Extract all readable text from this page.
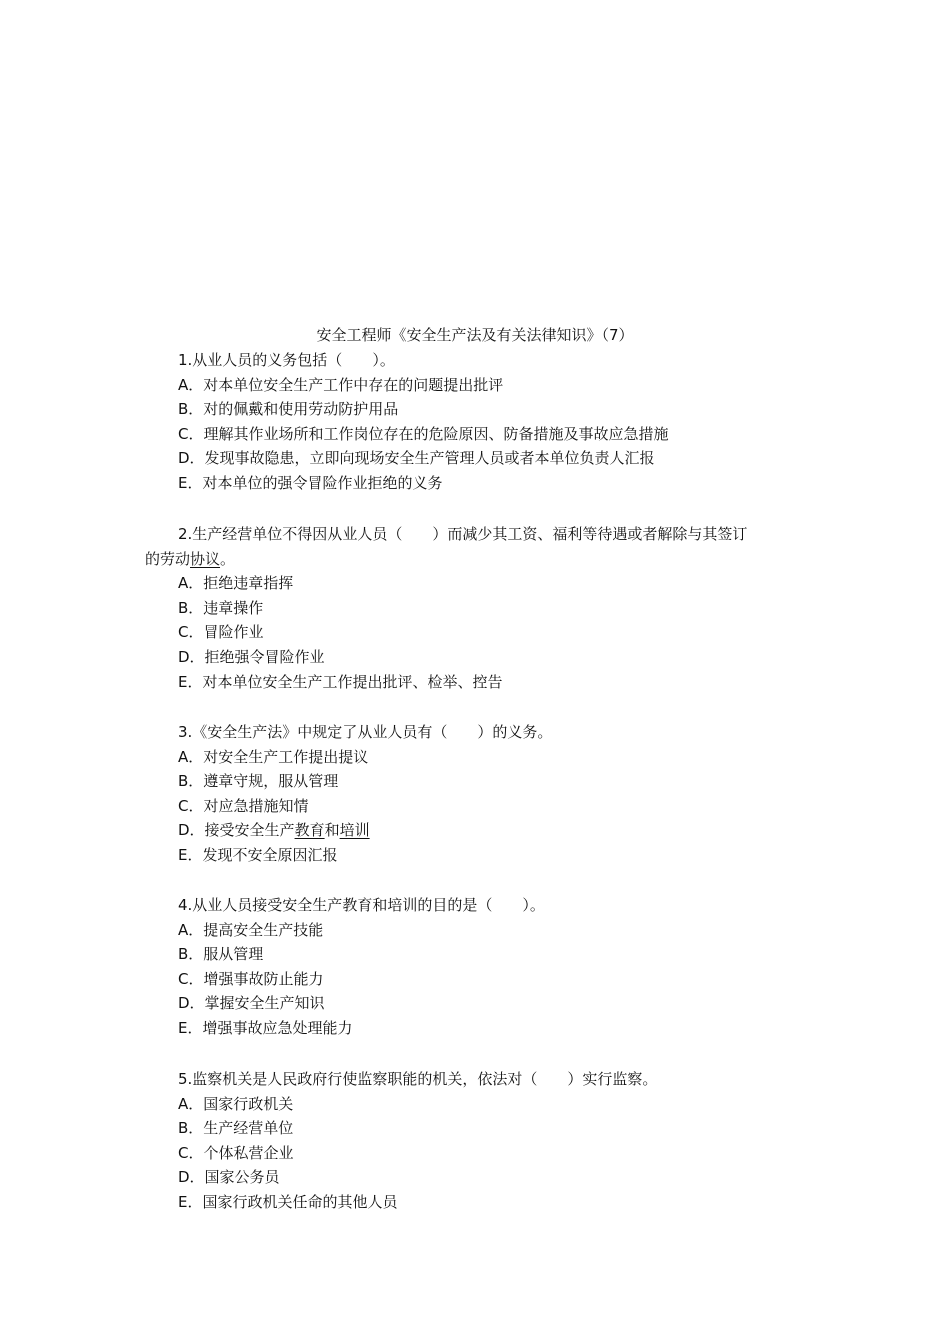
安全工程师《安全生产法及有关法律知识》（7）
1.从业人员的义务包括（　　）。
A．对本单位安全生产工作中存在的问题提出批评
B．对的佩戴和使用劳动防护用品
C．理解其作业场所和工作岗位存在的危险原因、防备措施及事故应急措施
D．发现事故隐患，立即向现场安全生产管理人员或者本单位负责人汇报
E．对本单位的强令冒险作业拒绝的义务
2.生产经营单位不得因从业人员（　　）而减少其工资、福利等待遇或者解除与其签订
的劳动协议。
A．拒绝违章指挥
B．违章操作
C．冒险作业
D．拒绝强令冒险作业
E．对本单位安全生产工作提出批评、检举、控告
3.《安全生产法》中规定了从业人员有（　　）的义务。
A．对安全生产工作提出提议
B．遵章守规，服从管理
C．对应急措施知情
D．接受安全生产教育和培训
E．发现不安全原因汇报
4.从业人员接受安全生产教育和培训的目的是（　　）。
A．提高安全生产技能
B．服从管理
C．增强事故防止能力
D．掌握安全生产知识
E．增强事故应急处理能力
5.监察机关是人民政府行使监察职能的机关，依法对（　　）实行监察。
A．国家行政机关
B．生产经营单位
C．个体私营企业
D．国家公务员
E．国家行政机关任命的其他人员
